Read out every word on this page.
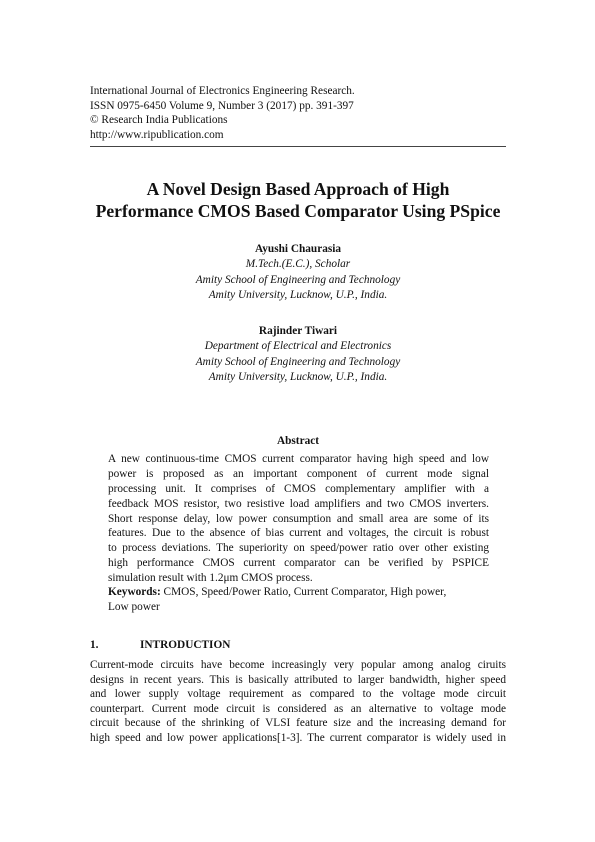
International Journal of Electronics Engineering Research.
ISSN 0975-6450 Volume 9, Number 3 (2017) pp. 391-397
© Research India Publications
http://www.ripublication.com
A Novel Design Based Approach of High
Performance CMOS Based Comparator Using PSpice
Ayushi Chaurasia
M.Tech.(E.C.), Scholar
Amity School of Engineering and Technology
Amity University, Lucknow, U.P., India.
Rajinder Tiwari
Department of Electrical and Electronics
Amity School of Engineering and Technology
Amity University, Lucknow, U.P., India.
Abstract
A new continuous-time CMOS current comparator having high speed and low
power is proposed as an important component of current mode signal
processing unit. It comprises of CMOS complementary amplifier with a
feedback MOS resistor, two resistive load amplifiers and two CMOS inverters.
Short response delay, low power consumption and small area are some of its
features. Due to the absence of bias current and voltages, the circuit is robust
to process deviations. The superiority on speed/power ratio over other existing
high performance CMOS current comparator can be verified by PSPICE
simulation result with 1.2μm CMOS process.
Keywords: CMOS, Speed/Power Ratio, Current Comparator, High power,
Low power
1.	INTRODUCTION
Current-mode circuits have become increasingly very popular among analog ciruits
designs in recent years. This is basically attributed to larger bandwidth, higher speed
and lower supply voltage requirement as compared to the voltage mode circuit
counterpart. Current mode circuit is considered as an alternative to voltage mode
circuit because of the shrinking of VLSI feature size and the increasing demand for
high speed and low power applications[1-3]. The current comparator is widely used in
